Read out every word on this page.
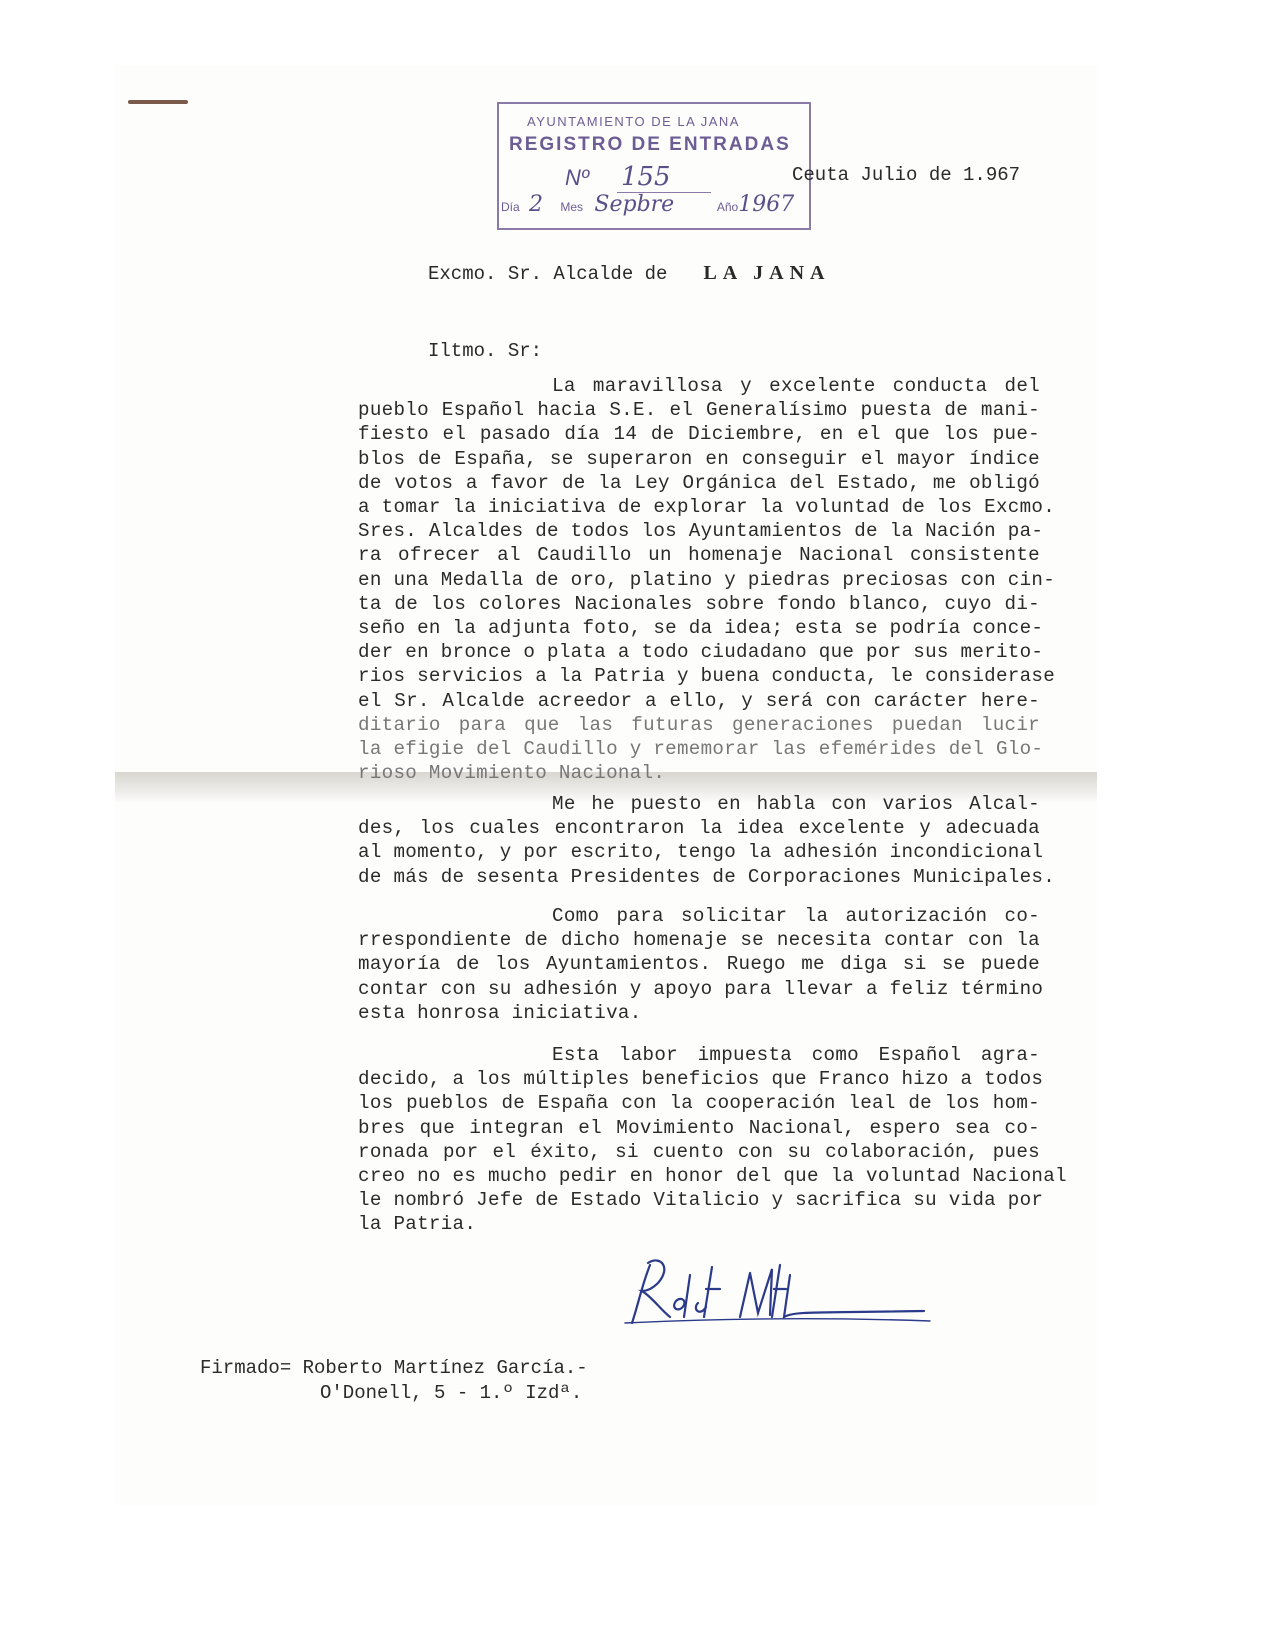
AYUNTAMIENTO DE LA JANA
REGISTRO DE ENTRADAS
Nº 155
Día 2 Mes Sepbre	Año1967
Ceuta Julio de 1.967
Excmo. Sr. Alcalde de LA JANA
Iltmo. Sr:
La maravillosa y excelente conducta del
pueblo Español hacia S.E. el Generalísimo puesta de mani-
fiesto el pasado día 14 de Diciembre, en el que los pue-
blos de España, se superaron en conseguir el mayor índice
de votos a favor de la Ley Orgánica del Estado, me obligó
a tomar la iniciativa de explorar la voluntad de los Excmo.
Sres. Alcaldes de todos los Ayuntamientos de la Nación pa-
ra ofrecer al Caudillo un homenaje Nacional consistente
en una Medalla de oro, platino y piedras preciosas con cin-
ta de los colores Nacionales sobre fondo blanco, cuyo di-
seño en la adjunta foto, se da idea; esta se podría conce-
der en bronce o plata a todo ciudadano que por sus merito-
rios servicios a la Patria y buena conducta, le considerase
el Sr. Alcalde acreedor a ello, y será con carácter here-
ditario para que las futuras generaciones puedan lucir
la efigie del Caudillo y rememorar las efemérides del Glo-
rioso Movimiento Nacional.
Me he puesto en habla con varios Alcal-
des, los cuales encontraron la idea excelente y adecuada
al momento, y por escrito, tengo la adhesión incondicional
de más de sesenta Presidentes de Corporaciones Municipales.
Como para solicitar la autorización co-
rrespondiente de dicho homenaje se necesita contar con la
mayoría de los Ayuntamientos. Ruego me diga si se puede
contar con su adhesión y apoyo para llevar a feliz término
esta honrosa iniciativa.
Esta labor impuesta como Español agra-
decido, a los múltiples beneficios que Franco hizo a todos
los pueblos de España con la cooperación leal de los hom-
bres que integran el Movimiento Nacional, espero sea co-
ronada por el éxito, si cuento con su colaboración, pues
creo no es mucho pedir en honor del que la voluntad Nacional
le nombró Jefe de Estado Vitalicio y sacrifica su vida por
la Patria.
Firmado= Roberto Martínez García.-
O'Donell, 5 - 1.º Izdª.
